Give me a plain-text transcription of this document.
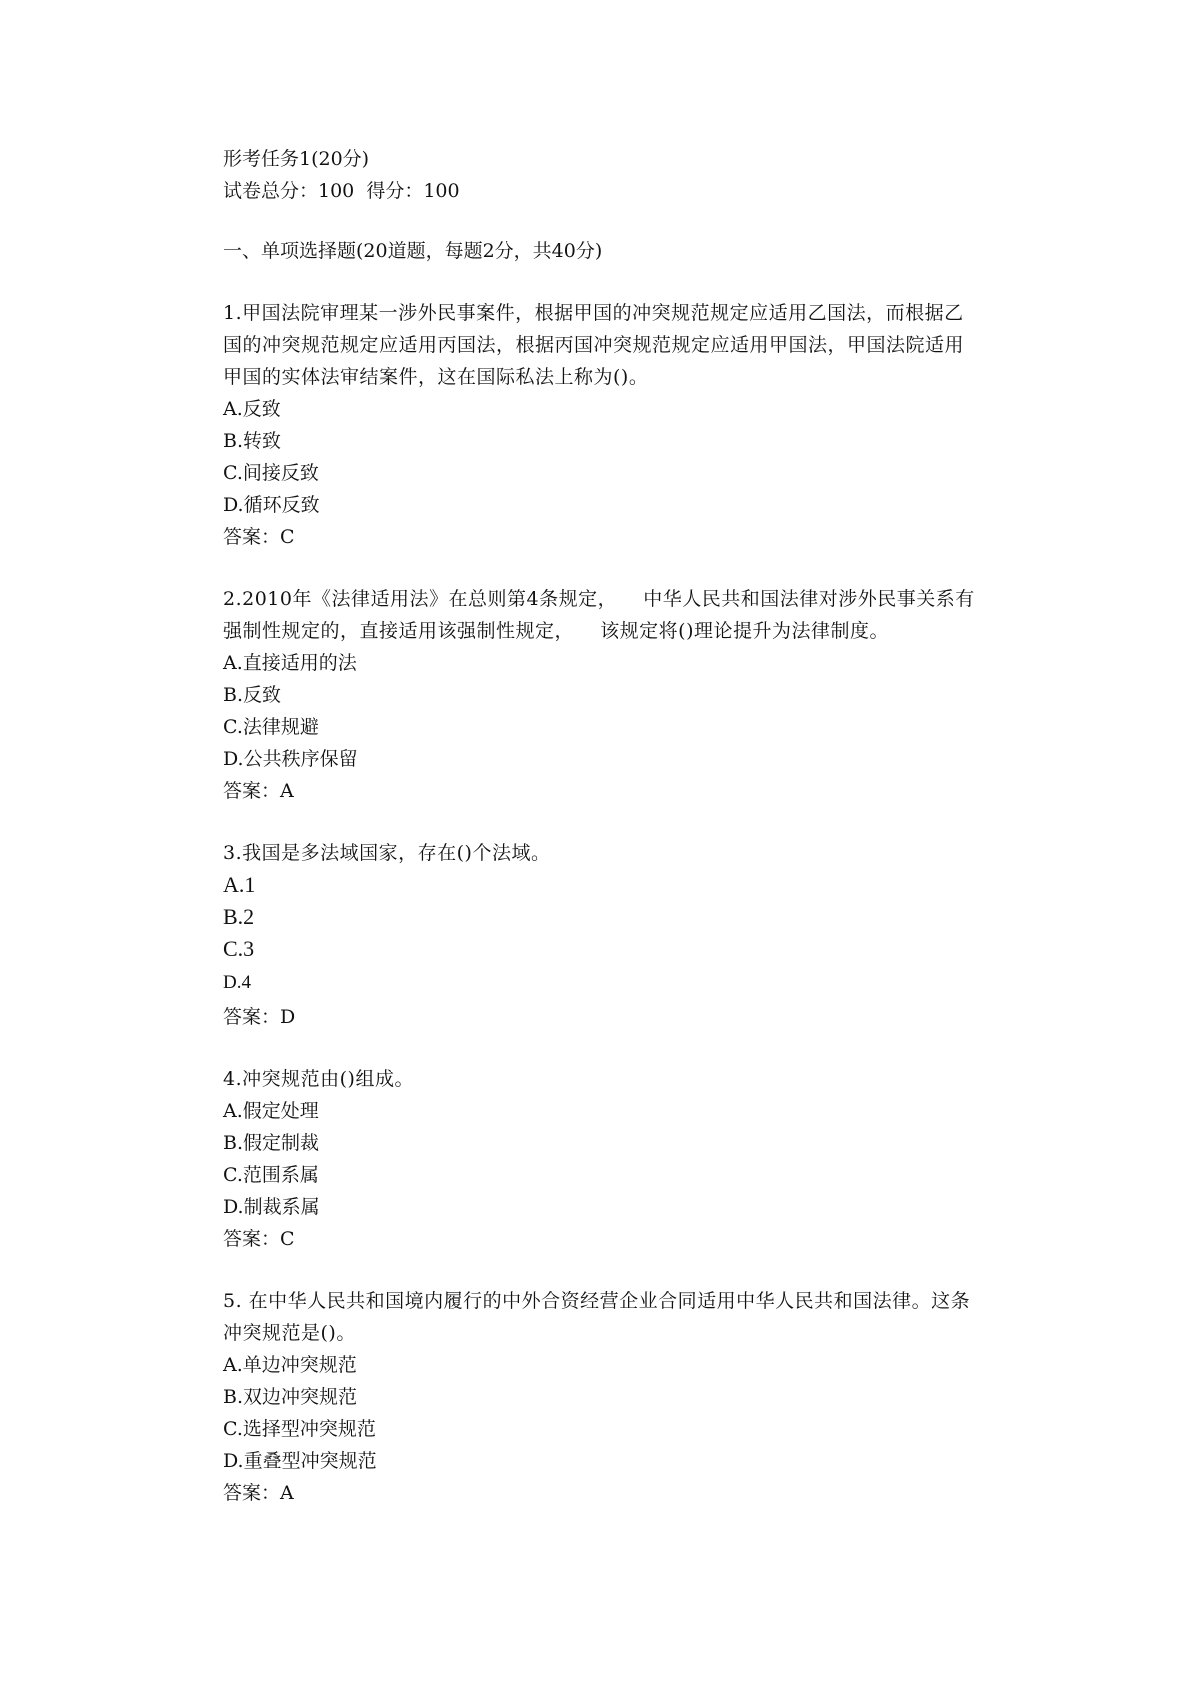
形考任务1(20分)

试卷总分：100  得分：100

一、单项选择题(20道题，每题2分，共40分)

1.甲国法院审理某一涉外民事案件，根据甲国的冲突规范规定应适用乙国法，而根据乙国的冲突规范规定应适用丙国法，根据丙国冲突规范规定应适用甲国法，甲国法院适用甲国的实体法审结案件，这在国际私法上称为()。

A.反致
B.转致
C.间接反致
D.循环反致

答案：C

2.2010年《法律适用法》在总则第4条规定，    中华人民共和国法律对涉外民事关系有强制性规定的，直接适用该强制性规定，    该规定将()理论提升为法律制度。

A.直接适用的法
B.反致
C.法律规避
D.公共秩序保留

答案：A

3.我国是多法域国家，存在()个法域。

A.1
B.2
C.3
D.4

答案：D

4.冲突规范由()组成。

A.假定处理
B.假定制裁
C.范围系属
D.制裁系属

答案：C

5. 在中华人民共和国境内履行的中外合资经营企业合同适用中华人民共和国法律。这条冲突规范是()。

A.单边冲突规范
B.双边冲突规范
C.选择型冲突规范
D.重叠型冲突规范

答案：A
